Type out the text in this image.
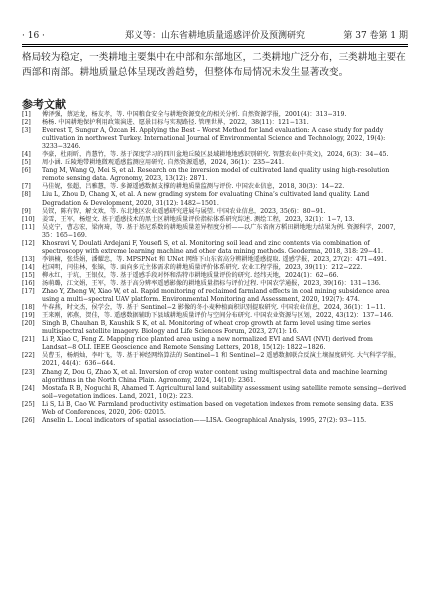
· 16 ·	郑义等：山东省耕地质量遥感评价及预测研究	第 37 卷第 1 期
格局较为稳定，一类耕地主要集中在中部和东部地区，二类耕地广泛分布，三类耕地主要在西部和南部。耕地质量总体呈现改善趋势，但整体布局情况未发生显著改变。
参考文献
[1]	傅泽强，蔡运龙，杨友孝，等. 中国粮食安全与耕地资源变化的相关分析. 自然资源学报，2001(4)：313−319.
[2]	杨杨. 中国耕地保护利用政策演进、愿景目标与实现路径. 管理世界，2022，38(11)：121−131.
[3]	Everest T, Sungur A, Özcan H. Applying the Best – Worst Method for land evaluation: A case study for paddy cultivation in northwest Turkey. International Journal of Environmental Science and Technology, 2022, 19(4): 3233−3246.
[4]	李豪，杜雨昕，肖慧竹，等. 基于深度学习的四川盆地丘陵区县域耕地地感识别研究. 智慧农业(中英文)，2024, 6(3)：34−45.
[5]	周小涵. 丘陵地带耕地微观遥感监测应用研究. 自然资源遥感，2024, 36(1)：235−241.
[6]	Tang M, Wang Q, Mei S, et al. Research on the inversion model of cultivated land quality using high-resolution remote sensing data. Agronomy, 2023, 13(12): 2871.
[7]	马佳妮，张超，吕雅慧，等. 多源遥感数据支撑的耕地质量监测与评价. 中国农业信息，2018, 30(3)：14−22.
[8]	Liu L, Zhou D, Chang X, et al. A new grading system for evaluating China’s cultivated land quality. Land Degradation & Development, 2020, 31(12): 1482−1501.
[9]	吴钗，陈有智，解文欢，等. 东北地区农业遥感研究进展与展望. 中国农业信息，2023, 35(6)：80−91.
[10]	姜雪，王军，杨煜文. 基于遥感技术的黑土区耕地质量评价指标体系研究综述. 测绘工程，2023, 32(1)：1−7, 13.
[11]	吴克宁，曹志宏，梁南琦，等. 基于基尼系数的耕地质量差异程度分析——以广东省南方稻田耕地地力结果为例. 资源科学，2007, 35：165−169.
[12]	Khosravi V, Doulati Ardejani F, Yousefi S, et al. Monitoring soil lead and zinc contents via combination of spectroscopy with extreme learning machine and other data mining methods. Geoderma, 2018, 318: 29−41.
[13]	李镇楠，张岱娟，潘耀忠，等. MPSPNet 和 UNet 网络下山东省高分辨耕地遥感提取. 遥感学报，2023, 27(2)：471−491.
[14]	杜国明，闫佳林，张锦，等. 面向多元主体需求的耕地质量评价体系研究. 农业工程学报，2023, 39(11)：212−222.
[15]	柳永红，于坑，王银仅，等. 基于遥感手段对怀和浩特市耕地质量评价的研究. 经纬天地，2024(1)：62−66.
[16]	汤萌璐，江文娟，王军，等. 基于高分辨率遥感影像的耕地质量指标与评价过程. 中国农学通报，2023, 39(16)：131−136.
[17]	Zhao Y, Zheng W, Xiao W, et al. Rapid monitoring of reclaimed farmland effects in coal mining subsidence area using a multi−spectral UAV platform. Environmental Monitoring and Assessment, 2020, 192(7): 474.
[18]	牛春燕，时文杰，侯学会，等. 基于 Sentinel−2 影像的冬小麦种植面积识别提取研究. 中国农业信息，2024, 36(1)：1−11.
[19]	王来刚，郭燕，贺佳，等. 遥感数据辅助下县域耕地质量评价与空间分布研究. 中国农业资源与区划，2022, 43(12)：137−146.
[20]	Singh B, Chauhan B, Kaushik S K, et al. Monitoring of wheat crop growth at farm level using time series multispectral satellite imagery. Biology and Life Sciences Forum, 2023, 27(1): 16.
[21]	Li P, Xiao C, Feng Z. Mapping rice planted area using a new normalized EVI and SAVI (NVI) derived from Landsat−8 OLI. IEEE Geoscience and Remote Sensing Letters, 2018, 15(12): 1822−1826.
[22]	吴曹玉，杨炳灿，李叶飞，等. 基于神经网络算法的 Sentinel−1 和 Sentinel−2 遥感数据联合反演土壤湿度研究. 大气科学学报，2021, 44(4)：636−644.
[23]	Zhang Z, Dou G, Zhao X, et al. Inversion of crop water content using multispectral data and machine learning algorithms in the North China Plain. Agronomy, 2024, 14(10): 2361.
[24]	Mostafa R B, Noguchi R, Ahamed T. Agricultural land suitability assessment using satellite remote sensing−derived soil−vegetation indices. Land, 2021, 10(2): 223.
[25]	Li S, Li B, Cao W. Farmland productivity estimation based on vegetation indexes from remote sensing data. E3S Web of Conferences, 2020, 206: 02015.
[26]	Anselin L. Local indicators of spatial association——LISA. Geographical Analysis, 1995, 27(2): 93−115.
